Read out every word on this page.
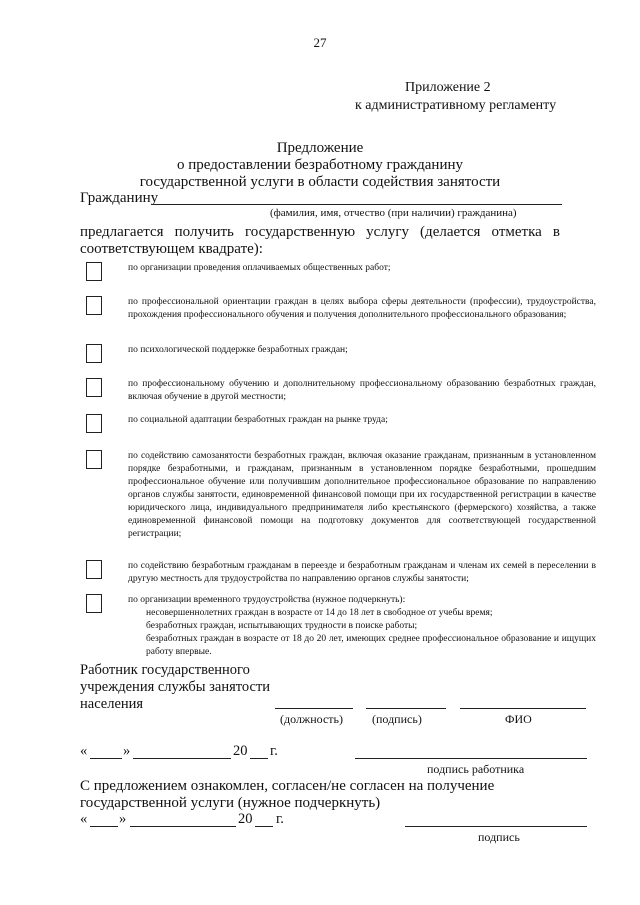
27
Приложение 2
к административному регламенту
Предложение
о предоставлении безработному гражданину
государственной услуги в области содействия занятости
Гражданину
(фамилия, имя, отчество (при наличии) гражданина)
предлагается получить государственную услугу (делается отметка в соответствующем квадрате):
по организации проведения оплачиваемых общественных работ;
по профессиональной ориентации граждан в целях выбора сферы деятельности (профессии), трудоустройства, прохождения профессионального обучения и получения дополнительного профессионального образования;
по психологической поддержке безработных граждан;
по профессиональному обучению и дополнительному профессиональному образованию безработных граждан, включая обучение в другой местности;
по социальной адаптации безработных граждан на рынке труда;
по содействию самозанятости безработных граждан, включая оказание гражданам, признанным в установленном порядке безработными, и гражданам, признанным в установленном порядке безработными, прошедшим профессиональное обучение или получившим дополнительное профессиональное образование по направлению органов службы занятости, единовременной финансовой помощи при их государственной регистрации в качестве юридического лица, индивидуального предпринимателя либо крестьянского (фермерского) хозяйства, а также единовременной финансовой помощи на подготовку документов для соответствующей государственной регистрации;
по содействию безработным гражданам в переезде и безработным гражданам и членам их семей в переселении в другую местность для трудоустройства по направлению органов службы занятости;
по организации временного трудоустройства (нужное подчеркнуть):
несовершеннолетних граждан в возрасте от 14 до 18 лет в свободное от учебы время;
безработных граждан, испытывающих трудности в поиске работы;
безработных граждан в возрасте от 18 до 20 лет, имеющих среднее профессиональное образование и ищущих работу впервые.
Работник государственного
учреждения службы занятости
населения
(должность) (подпись)	ФИО
« »	20 г.
подпись работника
С предложением ознакомлен, согласен/не согласен на получение
государственной услуги (нужное подчеркнуть)
« »	20 г.
подпись
